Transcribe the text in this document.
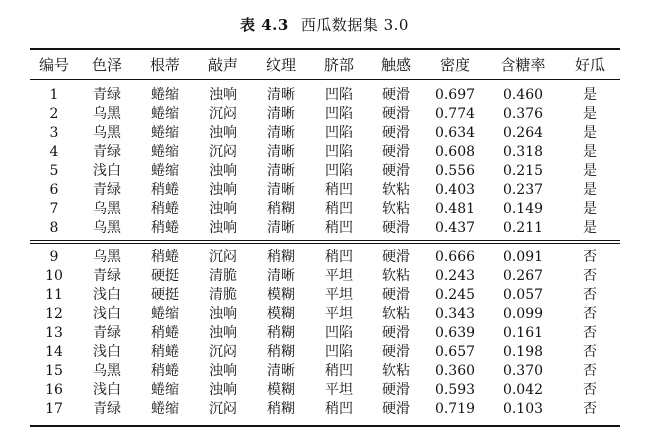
表 4.3 西瓜数据集 3.0
编号	色泽	根蒂	敲声	纹理	脐部	触感	密度	含糖率	好瓜
1	青绿	蜷缩	浊响	清晰	凹陷	硬滑	0.697	0.460	是
2	乌黑	蜷缩	沉闷	清晰	凹陷	硬滑	0.774	0.376	是
3	乌黑	蜷缩	浊响	清晰	凹陷	硬滑	0.634	0.264	是
4	青绿	蜷缩	沉闷	清晰	凹陷	硬滑	0.608	0.318	是
5	浅白	蜷缩	浊响	清晰	凹陷	硬滑	0.556	0.215	是
6	青绿	稍蜷	浊响	清晰	稍凹	软粘	0.403	0.237	是
7	乌黑	稍蜷	浊响	稍糊	稍凹	软粘	0.481	0.149	是
8	乌黑	稍蜷	浊响	清晰	稍凹	硬滑	0.437	0.211	是
9	乌黑	稍蜷	沉闷	稍糊	稍凹	硬滑	0.666	0.091	否
10	青绿	硬挺	清脆	清晰	平坦	软粘	0.243	0.267	否
11	浅白	硬挺	清脆	模糊	平坦	硬滑	0.245	0.057	否
12	浅白	蜷缩	浊响	模糊	平坦	软粘	0.343	0.099	否
13	青绿	稍蜷	浊响	稍糊	凹陷	硬滑	0.639	0.161	否
14	浅白	稍蜷	沉闷	稍糊	凹陷	硬滑	0.657	0.198	否
15	乌黑	稍蜷	浊响	清晰	稍凹	软粘	0.360	0.370	否
16	浅白	蜷缩	浊响	模糊	平坦	硬滑	0.593	0.042	否
17	青绿	蜷缩	沉闷	稍糊	稍凹	硬滑	0.719	0.103	否
